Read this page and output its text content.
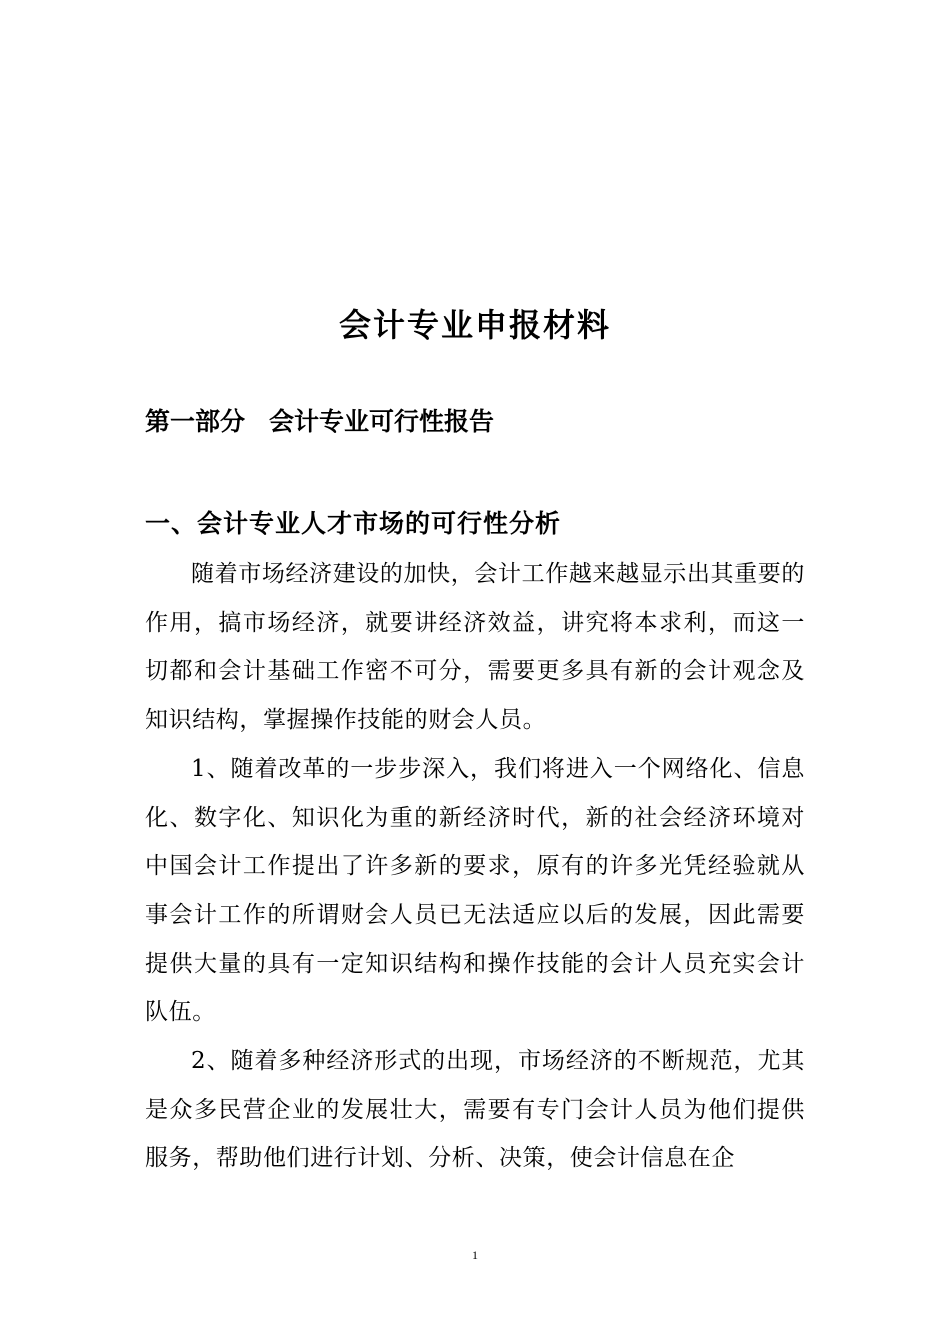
会计专业申报材料
第一部分 会计专业可行性报告
一、会计专业人才市场的可行性分析

随着市场经济建设的加快，会计工作越来越显示出其重要的作用，搞市场经济，就要讲经济效益，讲究将本求利，而这一切都和会计基础工作密不可分，需要更多具有新的会计观念及知识结构，掌握操作技能的财会人员。

1、随着改革的一步步深入，我们将进入一个网络化、信息化、数字化、知识化为重的新经济时代，新的社会经济环境对中国会计工作提出了许多新的要求，原有的许多光凭经验就从事会计工作的所谓财会人员已无法适应以后的发展，因此需要提供大量的具有一定知识结构和操作技能的会计人员充实会计队伍。

2、随着多种经济形式的出现，市场经济的不断规范，尤其是众多民营企业的发展壮大，需要有专门会计人员为他们提供服务，帮助他们进行计划、分析、决策，使会计信息在企

1
